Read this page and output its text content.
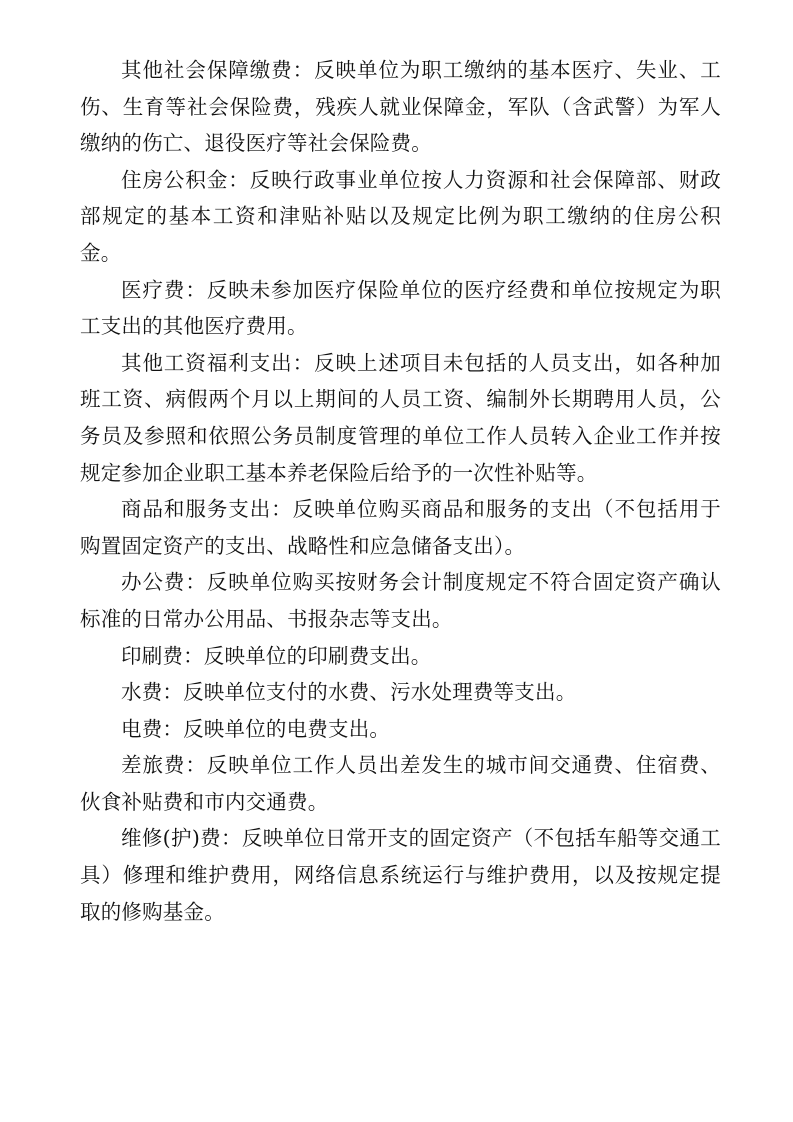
其他社会保障缴费：反映单位为职工缴纳的基本医疗、失业、工伤、生育等社会保险费，残疾人就业保障金，军队（含武警）为军人缴纳的伤亡、退役医疗等社会保险费。

住房公积金：反映行政事业单位按人力资源和社会保障部、财政部规定的基本工资和津贴补贴以及规定比例为职工缴纳的住房公积金。

医疗费：反映未参加医疗保险单位的医疗经费和单位按规定为职工支出的其他医疗费用。

其他工资福利支出：反映上述项目未包括的人员支出，如各种加班工资、病假两个月以上期间的人员工资、编制外长期聘用人员，公务员及参照和依照公务员制度管理的单位工作人员转入企业工作并按规定参加企业职工基本养老保险后给予的一次性补贴等。

商品和服务支出：反映单位购买商品和服务的支出（不包括用于购置固定资产的支出、战略性和应急储备支出）。

办公费：反映单位购买按财务会计制度规定不符合固定资产确认标准的日常办公用品、书报杂志等支出。

印刷费：反映单位的印刷费支出。

水费：反映单位支付的水费、污水处理费等支出。

电费：反映单位的电费支出。

差旅费：反映单位工作人员出差发生的城市间交通费、住宿费、伙食补贴费和市内交通费。

维修(护)费：反映单位日常开支的固定资产（不包括车船等交通工具）修理和维护费用，网络信息系统运行与维护费用，以及按规定提取的修购基金。
